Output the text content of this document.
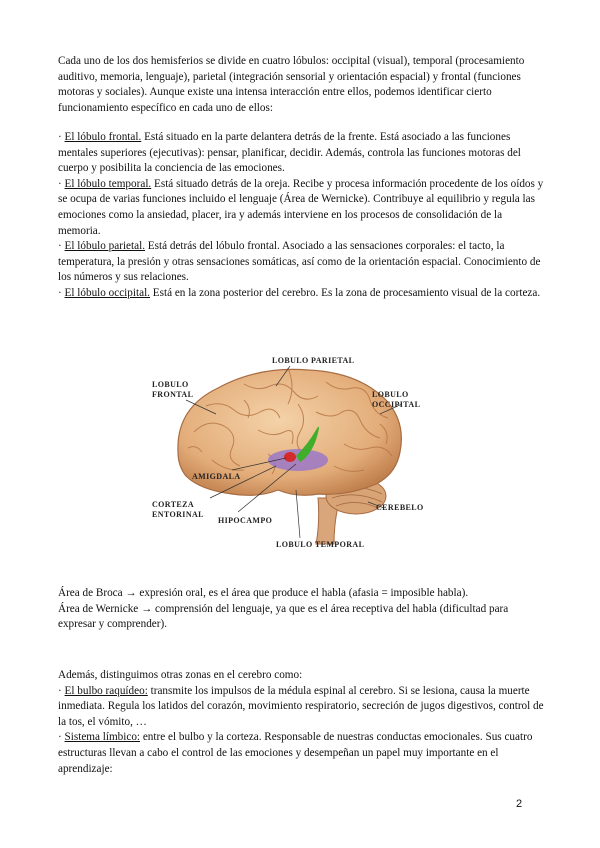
Cada uno de los dos hemisferios se divide en cuatro lóbulos: occipital (visual), temporal (procesamiento auditivo, memoria, lenguaje), parietal (integración sensorial y orientación espacial) y frontal (funciones motoras y sociales). Aunque existe una intensa interacción entre ellos, podemos identificar cierto funcionamiento específico en cada uno de ellos:

· El lóbulo frontal. Está situado en la parte delantera detrás de la frente. Está asociado a las funciones mentales superiores (ejecutivas): pensar, planificar, decidir. Además, controla las funciones motoras del cuerpo y posibilita la conciencia de las emociones.

· El lóbulo temporal. Está situado detrás de la oreja. Recibe y procesa información procedente de los oídos y se ocupa de varias funciones incluido el lenguaje (Área de Wernicke). Contribuye al equilibrio y regula las emociones como la ansiedad, placer, ira y además interviene en los procesos de consolidación de la memoria.

· El lóbulo parietal. Está detrás del lóbulo frontal. Asociado a las sensaciones corporales: el tacto, la temperatura, la presión y otras sensaciones somáticas, así como de la orientación espacial. Conocimiento de los números y sus relaciones.

· El lóbulo occipital. Está en la zona posterior del cerebro. Es la zona de procesamiento visual de la corteza.

LOBULO PARIETAL
LOBULO
FRONTAL	LOBULO
OCCIPITAL
AMIGDALA
CORTEZA
ENTORINAL
HIPOCAMPO
CEREBELO
LOBULO TEMPORAL

Área de Broca → expresión oral, es el área que produce el habla (afasia = imposible habla).

Área de Wernicke → comprensión del lenguaje, ya que es el área receptiva del habla (dificultad para expresar y comprender).

Además, distinguimos otras zonas en el cerebro como:

· El bulbo raquídeo: transmite los impulsos de la médula espinal al cerebro. Si se lesiona, causa la muerte inmediata. Regula los latidos del corazón, movimiento respiratorio, secreción de jugos digestivos, control de la tos, el vómito, …

· Sistema límbico: entre el bulbo y la corteza. Responsable de nuestras conductas emocionales. Sus cuatro estructuras llevan a cabo el control de las emociones y desempeñan un papel muy importante en el aprendizaje:

2
